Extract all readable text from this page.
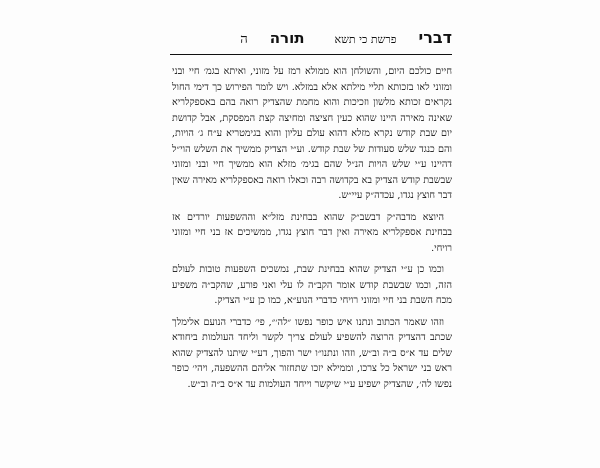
דברי
פרשת כי תשא
תורה
ה

חיים כולכם היום, והשולחן הוא ממולא רמז על מזוני, ואיתא בגמ׳ חיי ובני ומזוני לאו בזכותא תליי מילתא אלא במזלא. ויש לומר הפירוש כך דימי החול נקראים זכותא מלשון וזכיכות והוא מחמת שהצדיק רואה בהם באספקלריא שאינה מאירה היינו שהוא כעין חציצה ומחיצה קצת המפסקת, אבל קדושת יום שבת קודש נקרא מזלא דהוא עולם עליון והוא בגימטריא ע״ח ג׳ הויות, והם כנגד שלש סעודות של שבת קודש. וע״י הצדיק ממשיך את השלש הוי״ל דהיינו ע״י שלש הויות הנ״ל שהם בגימ׳ מזלא הוא ממשיך חיי ובני ומזוני שבשבת קודש הצדיק בא בקדושה רבה וכאלו רואה באספקלריא מאירה שאין דבר חוצץ נגדו, עכדה״ק עיי״ש.

היוצא מדבה״ק דבשב״ק שהוא בבחינת מזל״א וההשפעות יורדים אז בבחינת אספקלריא מאירה ואין דבר חוצץ נגדו, ממשיכים אז בני חיי ומזוני רויחי.

וכמו כן ע״י הצדיק שהוא בבחינת שבת, נמשכים השפעות טובות לעולם הזה, וכמו שבשבת קודש אומר הקב״ה לו עלי ואני פורע, שהקב״ה משפיע מכח השבת בני חיי ומזוני רויחי כדברי הנוע״א, כמו כן ע״י הצדיק.

וזהו שאמר הכתוב ונתנו איש כופר נפשו ״לה׳״, פי׳ כדברי הנועם אלימלך שכתב דהצדיק הרוצה להשפיע לעולם צריך לקשר וליחד העולמות ביחודא שלים עד א״ס ב״ה וב״ש, וזהו ונתנו״ו ישר והפוך, דע״י שיתנו להצדיק שהוא ראש בני ישראל כל צרכו, וממילא יזכו שתחזור אליהם ההשפעה, ויהי׳ כופר נפשו לה׳, שהצדיק ישפיע ע״י שיקשר וייחד העולמות עד א״ס ב״ה וב״ש.
